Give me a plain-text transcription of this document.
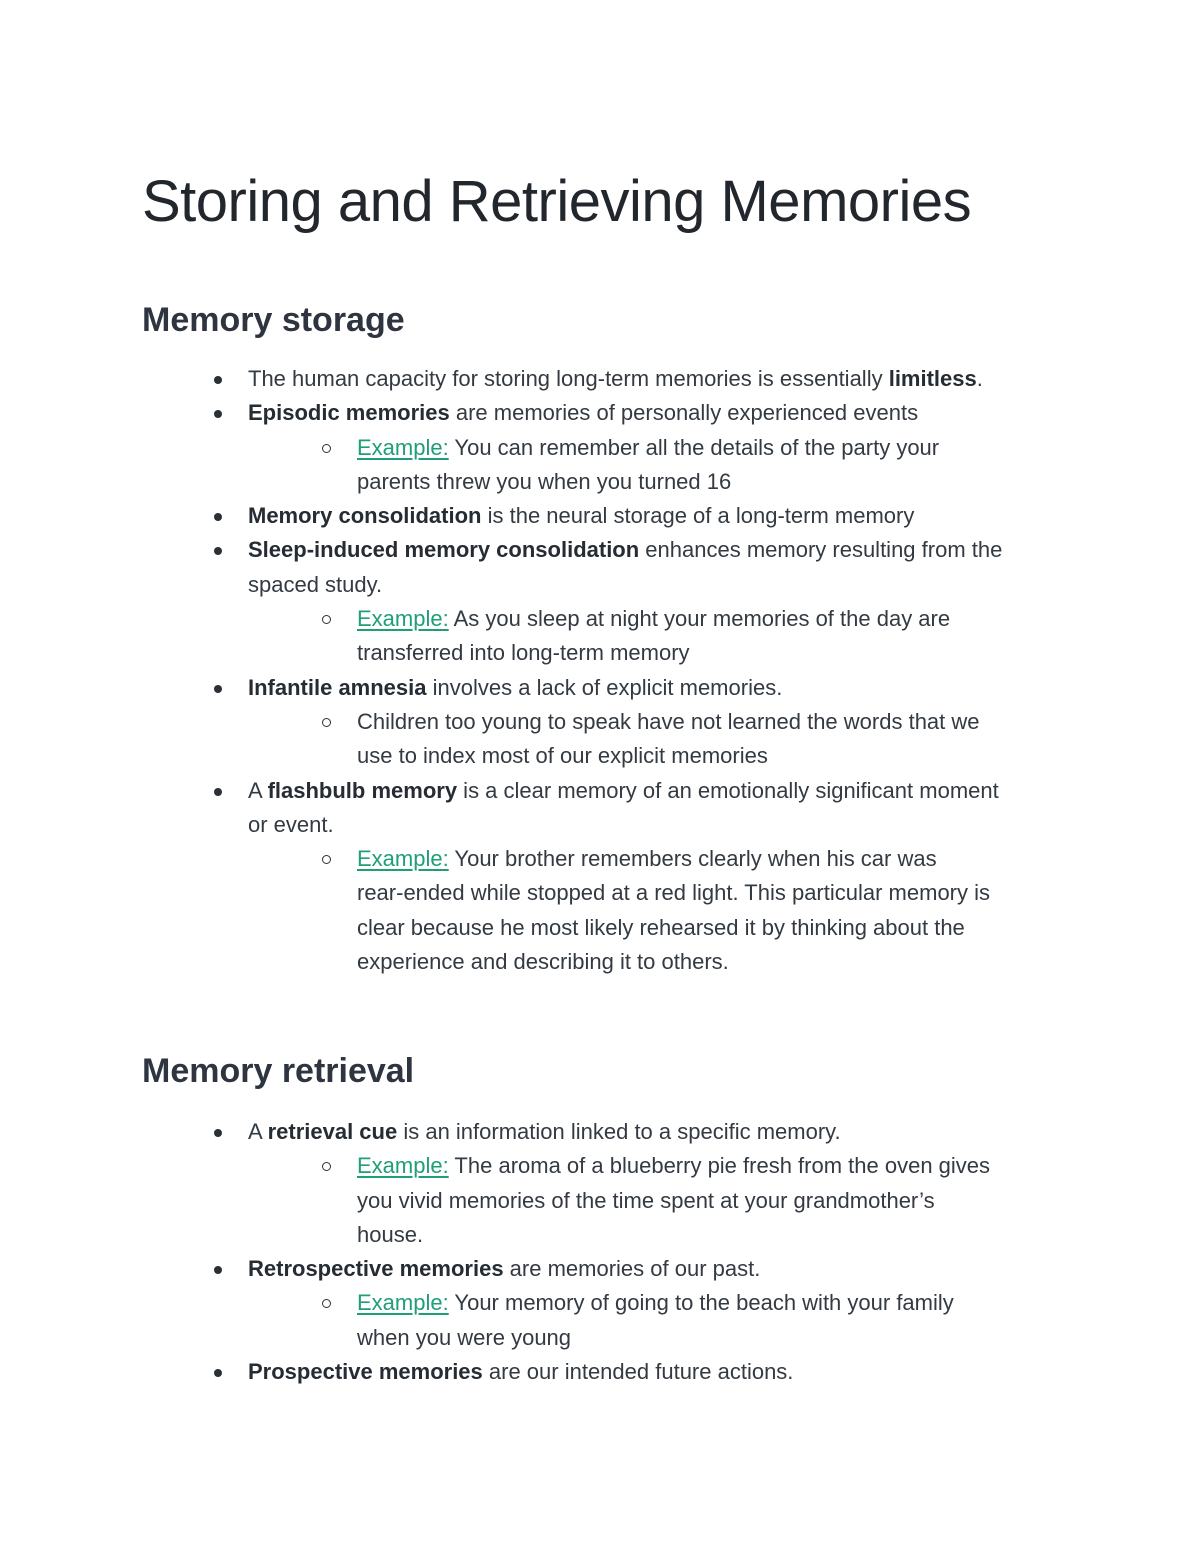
Storing and Retrieving Memories
Memory storage
The human capacity for storing long-term memories is essentially limitless.
Episodic memories are memories of personally experienced events
Example: You can remember all the details of the party your
parents threw you when you turned 16
Memory consolidation is the neural storage of a long-term memory
Sleep-induced memory consolidation enhances memory resulting from the
spaced study.
Example: As you sleep at night your memories of the day are
transferred into long-term memory
Infantile amnesia involves a lack of explicit memories.
Children too young to speak have not learned the words that we
use to index most of our explicit memories
A flashbulb memory is a clear memory of an emotionally significant moment
or event.
Example: Your brother remembers clearly when his car was
rear-ended while stopped at a red light. This particular memory is
clear because he most likely rehearsed it by thinking about the
experience and describing it to others.
Memory retrieval
A retrieval cue is an information linked to a specific memory.
Example: The aroma of a blueberry pie fresh from the oven gives
you vivid memories of the time spent at your grandmother’s
house.
Retrospective memories are memories of our past.
Example: Your memory of going to the beach with your family
when you were young
Prospective memories are our intended future actions.
